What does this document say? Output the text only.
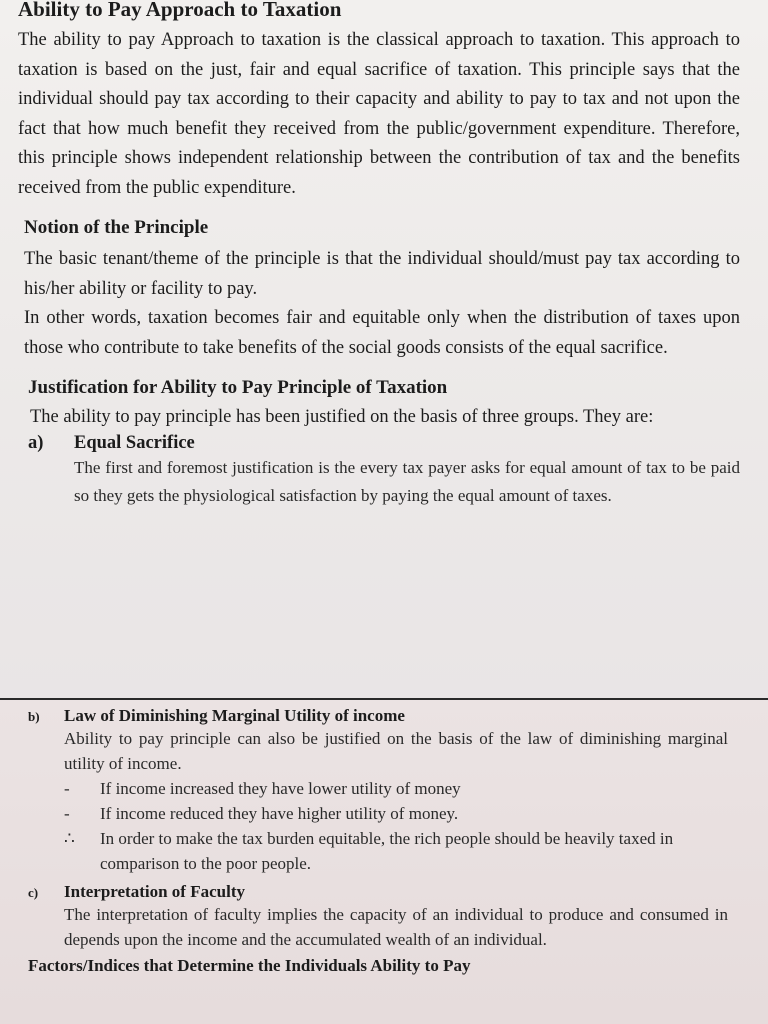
Ability to Pay Approach to Taxation

The ability to pay Approach to taxation is the classical approach to taxation. This approach to taxation is based on the just, fair and equal sacrifice of taxation. This principle says that the individual should pay tax according to their capacity and ability to pay to tax and not upon the fact that how much benefit they received from the public/government expenditure. Therefore, this principle shows independent relationship between the contribution of tax and the benefits received from the public expenditure.

Notion of the Principle

The basic tenant/theme of the principle is that the individual should/must pay tax according to his/her ability or facility to pay.

In other words, taxation becomes fair and equitable only when the distribution of taxes upon those who contribute to take benefits of the social goods consists of the equal sacrifice.

Justification for Ability to Pay Principle of Taxation

The ability to pay principle has been justified on the basis of three groups. They are:

a)	Equal Sacrifice

The first and foremost justification is the every tax payer asks for equal amount of tax to be paid so they gets the physiological satisfaction by paying the equal amount of taxes.

b)	Law of Diminishing Marginal Utility of income

Ability to pay principle can also be justified on the basis of the law of diminishing marginal utility of income.

-	If income increased they have lower utility of money
-	If income reduced they have higher utility of money.
∴	In order to make the tax burden equitable, the rich people should be heavily taxed in comparison to the poor people.
c)	Interpretation of Faculty

The interpretation of faculty implies the capacity of an individual to produce and consumed in depends upon the income and the accumulated wealth of an individual.

Factors/Indices that Determine the Individuals Ability to Pay
